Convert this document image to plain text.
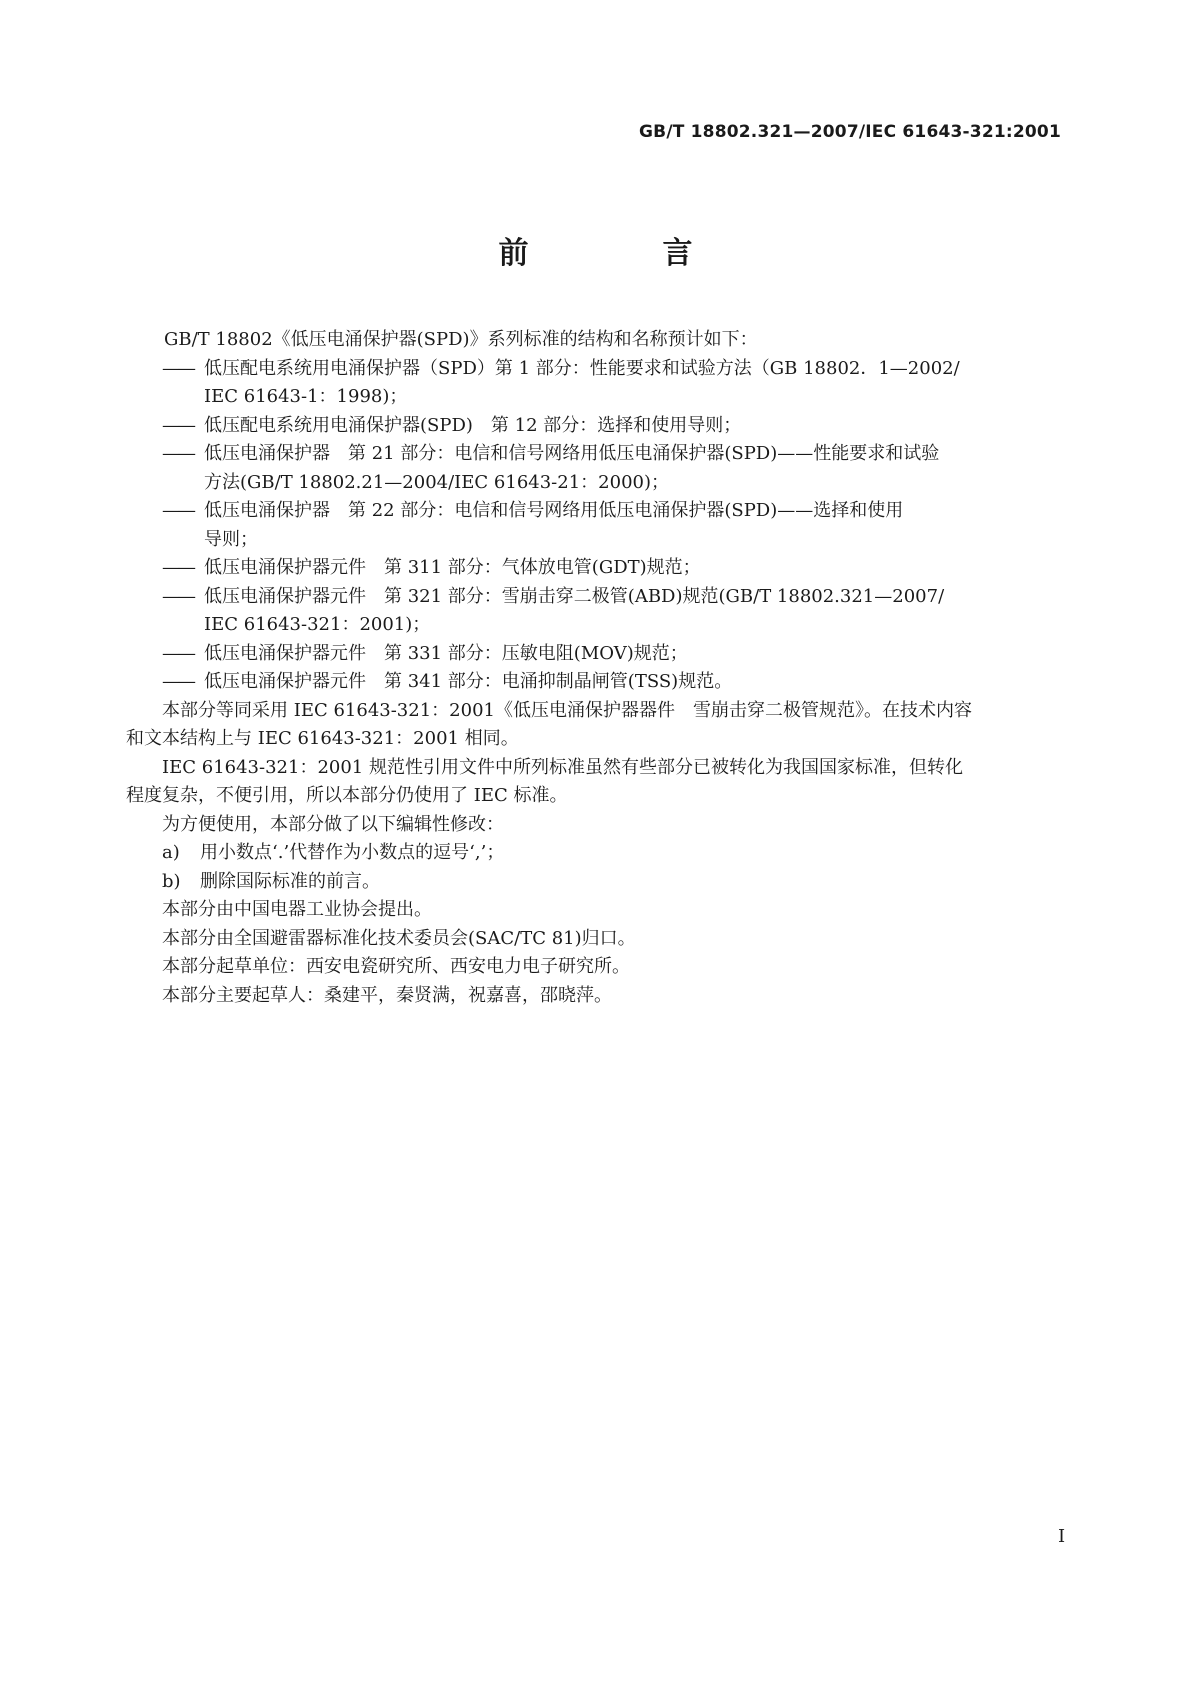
GB/T 18802.321—2007/IEC 61643-321:2001
前　言

GB/T 18802《低压电涌保护器(SPD)》系列标准的结构和名称预计如下：

—— 低压配电系统用电涌保护器（SPD）第 1 部分：性能要求和试验方法（GB 18802．1—2002/
IEC 61643-1：1998)；
—— 低压配电系统用电涌保护器(SPD)　第 12 部分：选择和使用导则；
—— 低压电涌保护器　第 21 部分：电信和信号网络用低压电涌保护器(SPD)——性能要求和试验
方法(GB/T 18802.21—2004/IEC 61643-21：2000)；
—— 低压电涌保护器　第 22 部分：电信和信号网络用低压电涌保护器(SPD)——选择和使用
导则；
—— 低压电涌保护器元件　第 311 部分：气体放电管(GDT)规范；
—— 低压电涌保护器元件　第 321 部分：雪崩击穿二极管(ABD)规范(GB/T 18802.321—2007/
IEC 61643-321：2001)；
—— 低压电涌保护器元件　第 331 部分：压敏电阻(MOV)规范；
—— 低压电涌保护器元件　第 341 部分：电涌抑制晶闸管(TSS)规范。
本部分等同采用 IEC 61643-321：2001《低压电涌保护器器件　雪崩击穿二极管规范》。在技术内容
和文本结构上与 IEC 61643-321：2001 相同。
IEC 61643-321：2001 规范性引用文件中所列标准虽然有些部分已被转化为我国国家标准，但转化
程度复杂，不便引用，所以本部分仍使用了 IEC 标准。

为方便使用，本部分做了以下编辑性修改：

a) 用小数点‘.’代替作为小数点的逗号‘,’；
b) 删除国际标准的前言。

本部分由中国电器工业协会提出。

本部分由全国避雷器标准化技术委员会(SAC/TC 81)归口。

本部分起草单位：西安电瓷研究所、西安电力电子研究所。

本部分主要起草人：桑建平，秦贤满，祝嘉喜，邵晓萍。

I
